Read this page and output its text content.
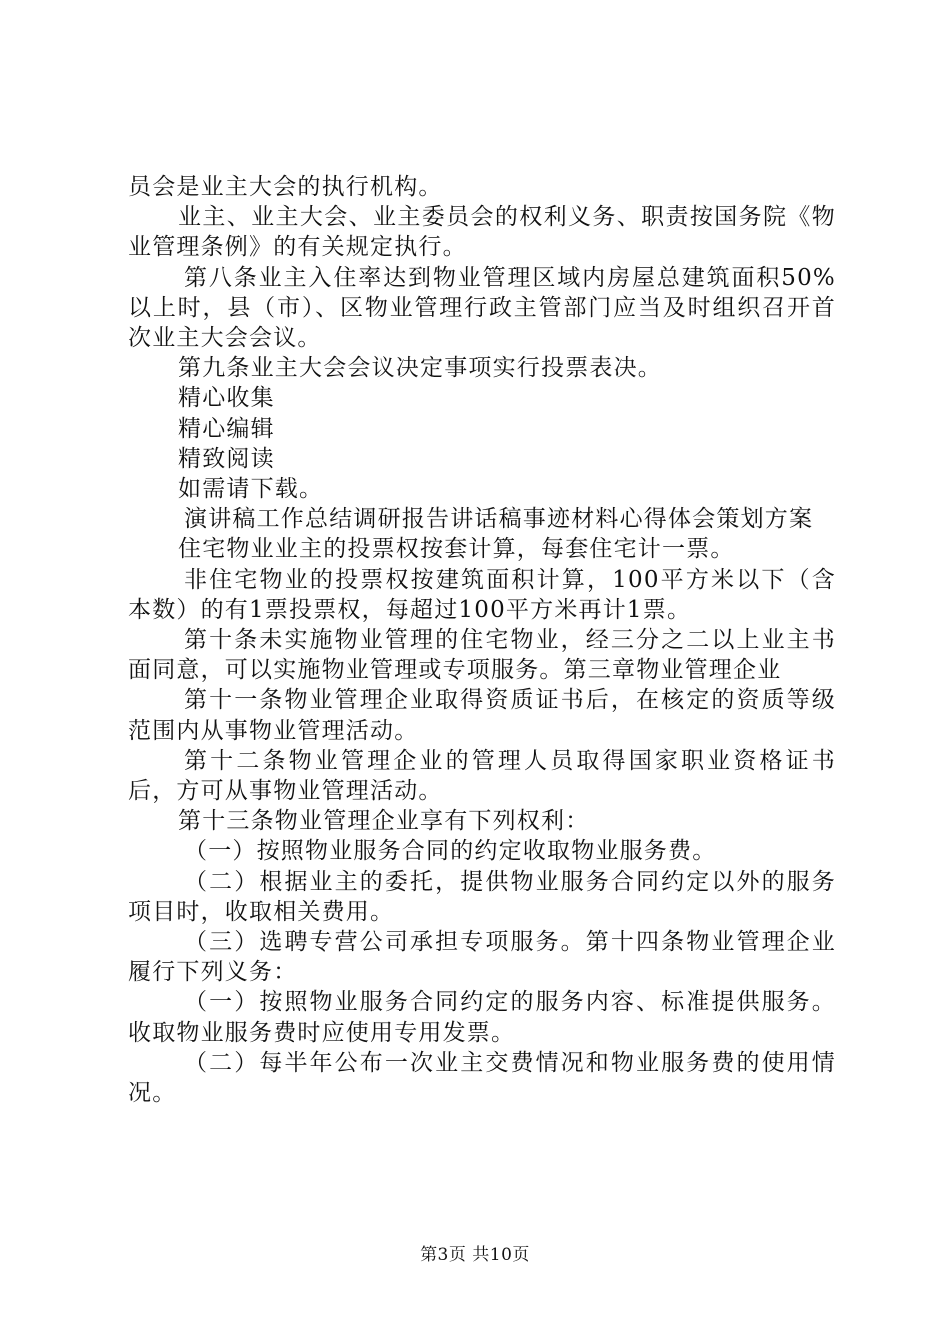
员会是业主大会的执行机构。

业主、业主大会、业主委员会的权利义务、职责按国务院《物业管理条例》的有关规定执行。

第八条业主入住率达到物业管理区域内房屋总建筑面积50%以上时，县（市）、区物业管理行政主管部门应当及时组织召开首次业主大会会议。

第九条业主大会会议决定事项实行投票表决。

精心收集

精心编辑

精致阅读

如需请下载。

演讲稿工作总结调研报告讲话稿事迹材料心得体会策划方案

住宅物业业主的投票权按套计算，每套住宅计一票。

非住宅物业的投票权按建筑面积计算，100平方米以下（含本数）的有1票投票权，每超过100平方米再计1票。

第十条未实施物业管理的住宅物业，经三分之二以上业主书面同意，可以实施物业管理或专项服务。第三章物业管理企业

第十一条物业管理企业取得资质证书后，在核定的资质等级范围内从事物业管理活动。

第十二条物业管理企业的管理人员取得国家职业资格证书后，方可从事物业管理活动。

第十三条物业管理企业享有下列权利：

（一）按照物业服务合同的约定收取物业服务费。

（二）根据业主的委托，提供物业服务合同约定以外的服务项目时，收取相关费用。

（三）选聘专营公司承担专项服务。第十四条物业管理企业履行下列义务：

（一）按照物业服务合同约定的服务内容、标准提供服务。收取物业服务费时应使用专用发票。

（二）每半年公布一次业主交费情况和物业服务费的使用情况。

第3页 共10页
